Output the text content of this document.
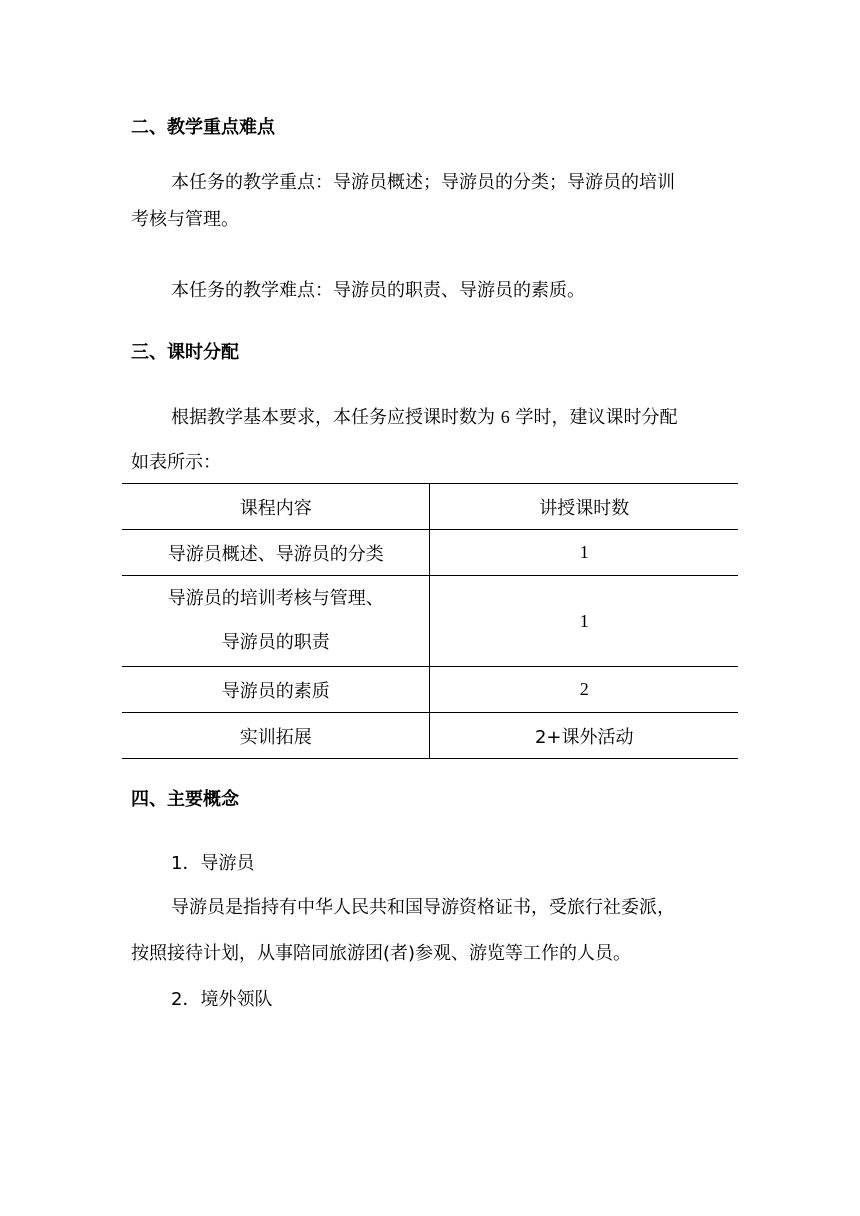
二、教学重点难点
本任务的教学重点：导游员概述；导游员的分类；导游员的培训
考核与管理。
本任务的教学难点：导游员的职责、导游员的素质。
三、课时分配
根据教学基本要求，本任务应授课时数为 6 学时，建议课时分配
如表所示：
课程内容	讲授课时数
导游员概述、导游员的分类	1

导游员的培训考核与管理、
导游员的职责	1
导游员的素质	2
实训拓展	2+课外活动
四、主要概念
1．导游员
导游员是指持有中华人民共和国导游资格证书，受旅行社委派，
按照接待计划，从事陪同旅游团(者)参观、游览等工作的人员。
2．境外领队
